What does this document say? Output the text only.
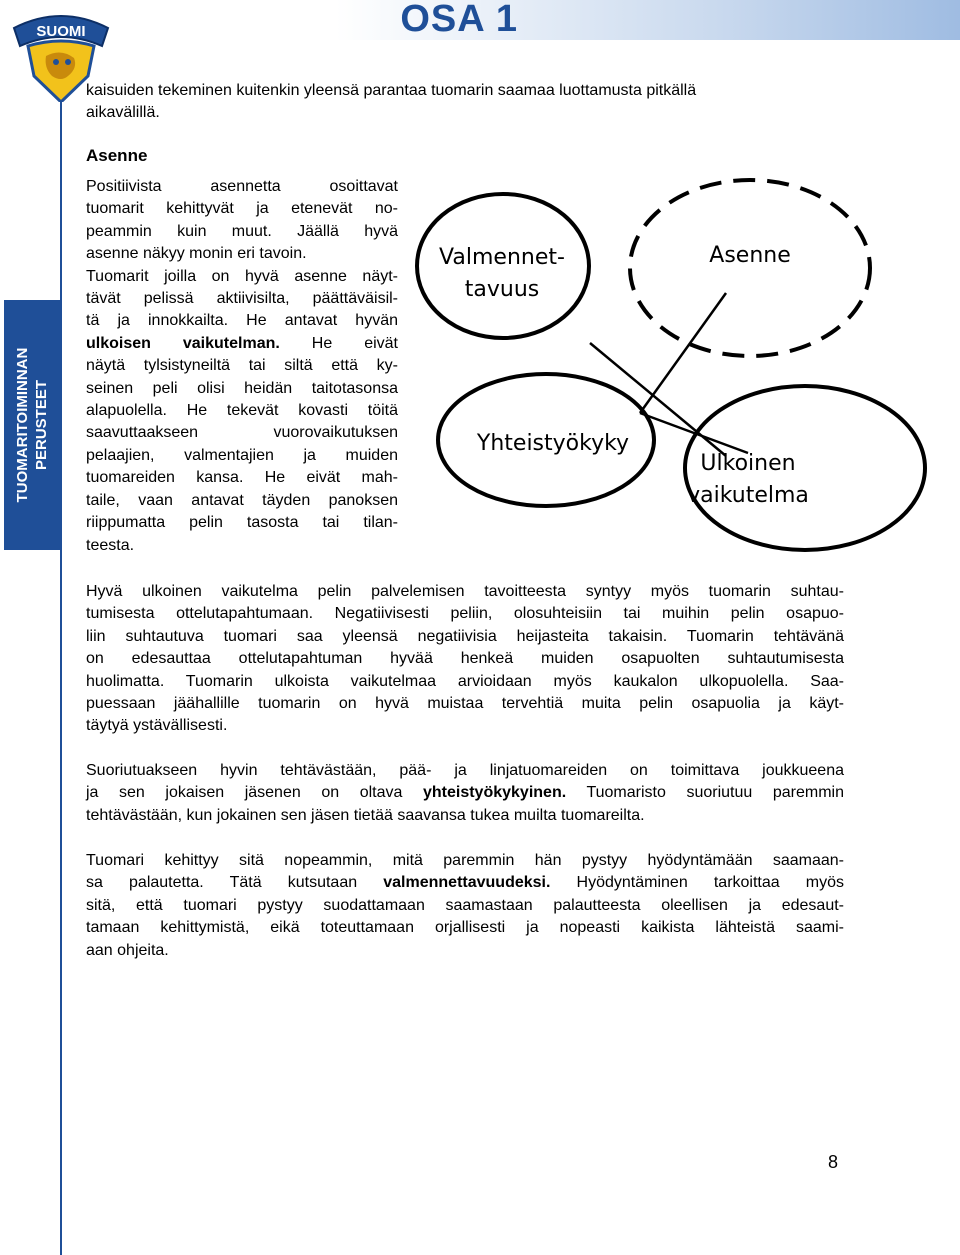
OSA 1
SUOMI
TUOMARITOIMINNAN PERUSTEET
kaisuiden tekeminen kuitenkin yleensä parantaa tuomarin saamaa luottamusta pitkällä
aikavälillä.
Asenne
Positiivista asennetta osoittavat
tuomarit kehittyvät ja etenevät no-
peammin kuin muut. Jäällä hyvä
asenne näkyy monin eri tavoin.
Tuomarit joilla on hyvä asenne näyt-
tävät pelissä aktiivisilta, päättäväisil-
tä ja innokkailta. He antavat hyvän
ulkoisen vaikutelman. He eivät
näytä tylsistyneiltä tai siltä että ky-
seinen peli olisi heidän taitotasonsa
alapuolella. He tekevät kovasti töitä
saavuttaakseen vuorovaikutuksen
pelaajien, valmentajien ja muiden
tuomareiden kansa. He eivät mah-
taile, vaan antavat täyden panoksen
riippumatta pelin tasosta tai tilan-
teesta.
Valmennet-
tavuus
Asenne
Yhteistyökyky
Ulkoinen
vaikutelma
Hyvä ulkoinen vaikutelma pelin palvelemisen tavoitteesta syntyy myös tuomarin suhtau-
tumisesta ottelutapahtumaan. Negatiivisesti peliin, olosuhteisiin tai muihin pelin osapuo-
liin suhtautuva tuomari saa yleensä negatiivisia heijasteita takaisin. Tuomarin tehtävänä
on edesauttaa ottelutapahtuman hyvää henkeä muiden osapuolten suhtautumisesta
huolimatta. Tuomarin ulkoista vaikutelmaa arvioidaan myös kaukalon ulkopuolella. Saa-
puessaan jäähallille tuomarin on hyvä muistaa tervehtiä muita pelin osapuolia ja käyt-
täytyä ystävällisesti.
Suoriutuakseen hyvin tehtävästään, pää- ja linjatuomareiden on toimittava joukkueena
ja sen jokaisen jäsenen on oltava yhteistyökykyinen. Tuomaristo suoriutuu paremmin
tehtävästään, kun jokainen sen jäsen tietää saavansa tukea muilta tuomareilta.
Tuomari kehittyy sitä nopeammin, mitä paremmin hän pystyy hyödyntämään saamaan-
sa palautetta. Tätä kutsutaan valmennettavuudeksi. Hyödyntäminen tarkoittaa myös
sitä, että tuomari pystyy suodattamaan saamastaan palautteesta oleellisen ja edesaut-
tamaan kehittymistä, eikä toteuttamaan orjallisesti ja nopeasti kaikista lähteistä saami-
aan ohjeita.
8
